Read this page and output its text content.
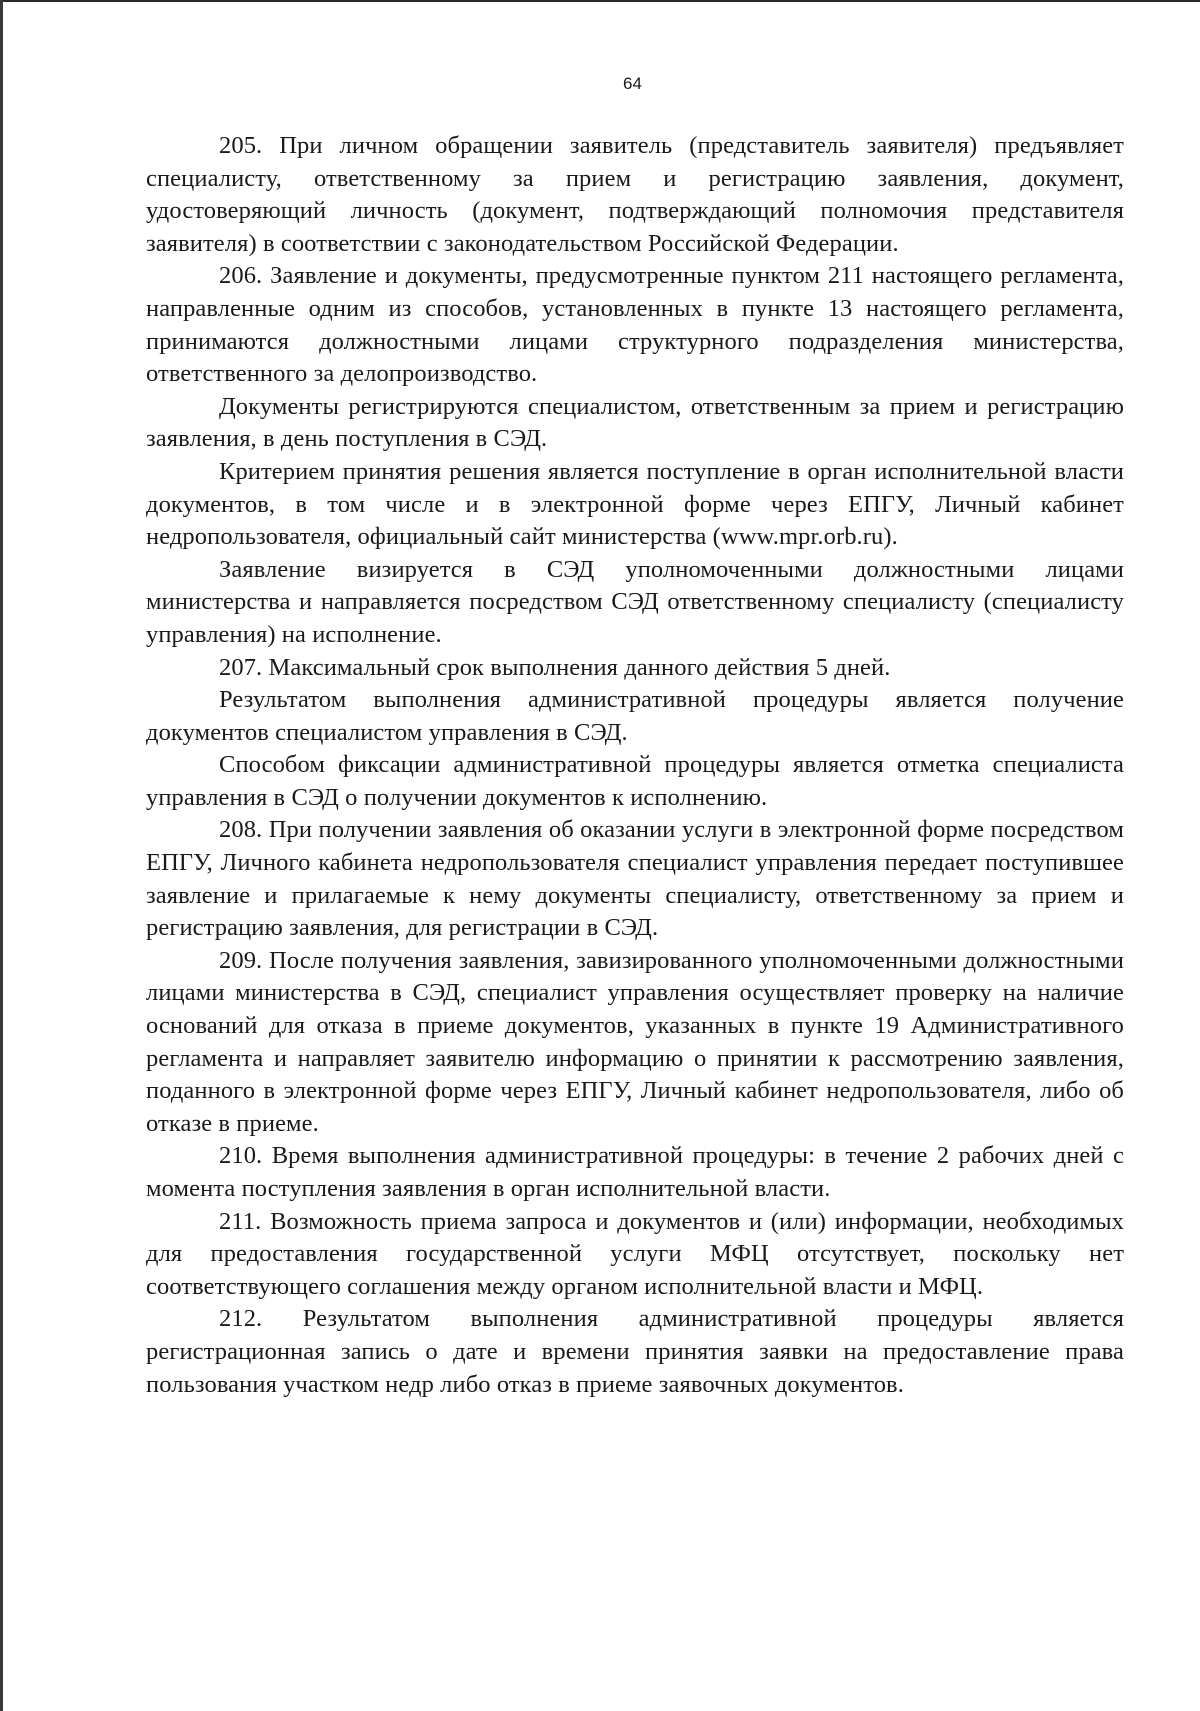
64

205. При личном обращении заявитель (представитель заявителя) предъявляет специалисту, ответственному за прием и регистрацию заявления, документ, удостоверяющий личность (документ, подтверждающий полномочия представителя заявителя) в соответствии с законодательством Российской Федерации.

206. Заявление и документы, предусмотренные пунктом 211 настоящего регламента, направленные одним из способов, установленных в пункте 13 настоящего регламента, принимаются должностными лицами структурного подразделения министерства, ответственного за делопроизводство.

Документы регистрируются специалистом, ответственным за прием и регистрацию заявления, в день поступления в СЭД.

Критерием принятия решения является поступление в орган исполнительной власти документов, в том числе и в электронной форме через ЕПГУ, Личный кабинет недропользователя, официальный сайт министерства (www.mpr.orb.ru).

Заявление визируется в СЭД уполномоченными должностными лицами министерства и направляется посредством СЭД ответственному специалисту (специалисту управления) на исполнение.

207. Максимальный срок выполнения данного действия 5 дней.

Результатом выполнения административной процедуры является получение документов специалистом управления в СЭД.

Способом фиксации административной процедуры является отметка специалиста управления в СЭД о получении документов к исполнению.

208. При получении заявления об оказании услуги в электронной форме посредством ЕПГУ, Личного кабинета недропользователя специалист управления передает поступившее заявление и прилагаемые к нему документы специалисту, ответственному за прием и регистрацию заявления, для регистрации в СЭД.

209. После получения заявления, завизированного уполномоченными должностными лицами министерства в СЭД, специалист управления осуществляет проверку на наличие оснований для отказа в приеме документов, указанных в пункте 19 Административного регламента и направляет заявителю информацию о принятии к рассмотрению заявления, поданного в электронной форме через ЕПГУ, Личный кабинет недропользователя, либо об отказе в приеме.

210. Время выполнения административной процедуры: в течение 2 рабочих дней с момента поступления заявления в орган исполнительной власти.

211. Возможность приема запроса и документов и (или) информации, необходимых для предоставления государственной услуги МФЦ отсутствует, поскольку нет соответствующего соглашения между органом исполнительной власти и МФЦ.

212. Результатом выполнения административной процедуры является регистрационная запись о дате и времени принятия заявки на предоставление права пользования участком недр либо отказ в приеме заявочных документов.
